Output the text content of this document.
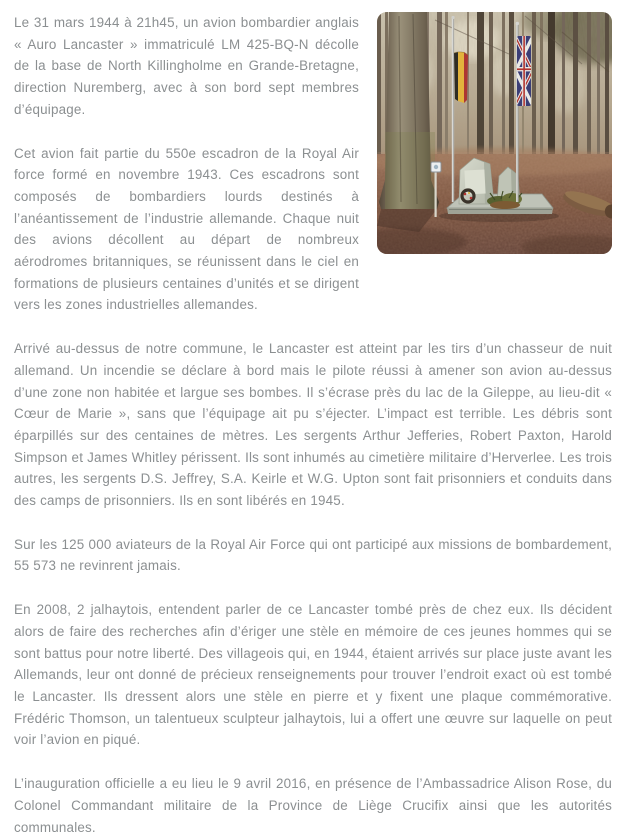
Le 31 mars 1944 à 21h45, un avion bombardier anglais « Auro Lancaster » immatriculé LM 425-BQ-N décolle de la base de North Killingholme en Grande-Bretagne, direction Nuremberg, avec à son bord sept membres d’équipage.

Cet avion fait partie du 550e escadron de la Royal Air force formé en novembre 1943. Ces escadrons sont composés de bombardiers lourds destinés à l’anéantissement de l’industrie allemande. Chaque nuit des avions décollent au départ de nombreux aérodromes britanniques, se réunissent dans le ciel en formations de plusieurs centaines d’unités et se dirigent vers les zones industrielles allemandes.

Arrivé au-dessus de notre commune, le Lancaster est atteint par les tirs d’un chasseur de nuit allemand. Un incendie se déclare à bord mais le pilote réussi à amener son avion au-dessus d’une zone non habitée et largue ses bombes. Il s’écrase près du lac de la Gileppe, au lieu-dit « Cœur de Marie », sans que l’équipage ait pu s’éjecter. L’impact est terrible. Les débris sont éparpillés sur des centaines de mètres. Les sergents Arthur Jefferies, Robert Paxton, Harold Simpson et James Whitley périssent. Ils sont inhumés au cimetière militaire d’Herverlee. Les trois autres, les sergents D.S. Jeffrey, S.A. Keirle et W.G. Upton sont fait prisonniers et conduits dans des camps de prisonniers. Ils en sont libérés en 1945.

Sur les 125 000 aviateurs de la Royal Air Force qui ont participé aux missions de bombardement, 55 573 ne revinrent jamais.

En 2008, 2 jalhaytois, entendent parler de ce Lancaster tombé près de chez eux. Ils décident alors de faire des recherches afin d’ériger une stèle en mémoire de ces jeunes hommes qui se sont battus pour notre liberté. Des villageois qui, en 1944, étaient arrivés sur place juste avant les Allemands, leur ont donné de précieux renseignements pour trouver l’endroit exact où est tombé le Lancaster. Ils dressent alors une stèle en pierre et y fixent une plaque commémorative. Frédéric Thomson, un talentueux sculpteur jalhaytois, lui a offert une œuvre sur laquelle on peut voir l’avion en piqué.

L’inauguration officielle a eu lieu le 9 avril 2016, en présence de l’Ambassadrice Alison Rose, du Colonel Commandant militaire de la Province de Liège Crucifix ainsi que les autorités communales.
